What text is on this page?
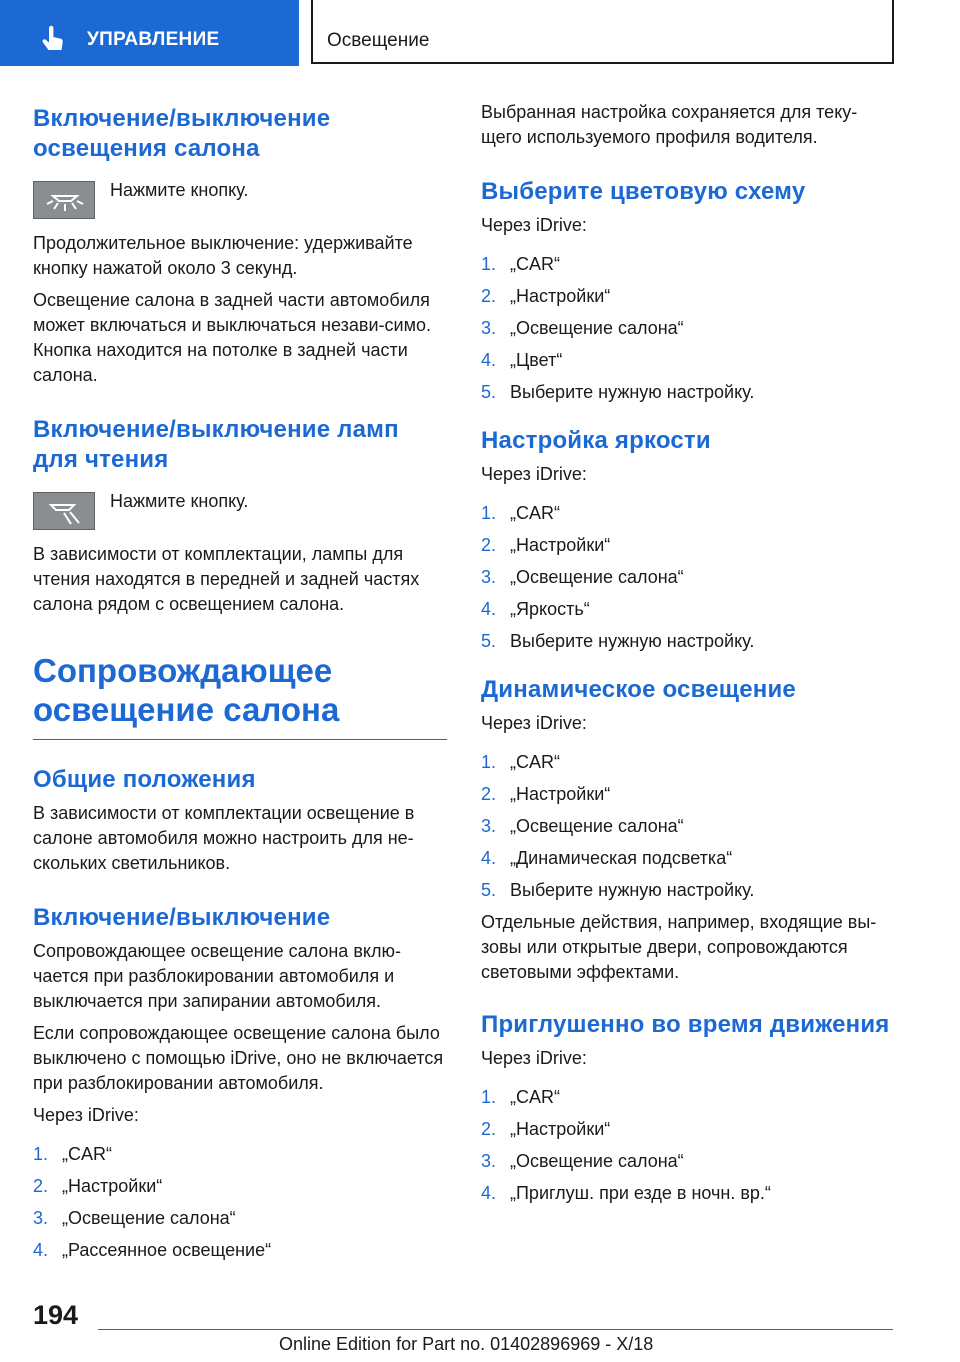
УПРАВЛЕНИЕ	Освещение
Включение/выключение освещения салона
Нажмите кнопку.

Продолжительное выключение: удерживайте кнопку нажатой около 3 секунд.

Освещение салона в задней части автомобиля может включаться и выключаться незави-симо. Кнопка находится на потолке в задней части салона.

Включение/выключение ламп для чтения
Нажмите кнопку.

В зависимости от комплектации, лампы для чтения находятся в передней и задней частях салона рядом с освещением салона.

Сопровождающее освещение салона
Общие положения

В зависимости от комплектации освещение в салоне автомобиля можно настроить для не-скольких светильников.

Включение/выключение

Сопровождающее освещение салона вклю-чается при разблокировании автомобиля и выключается при запирании автомобиля.

Если сопровождающее освещение салона было выключено с помощью iDrive, оно не включается при разблокировании автомобиля.

Через iDrive:

1. „CAR“
2. „Настройки“
3. „Освещение салона“
4. „Рассеянное освещение“

Выбранная настройка сохраняется для теку-щего используемого профиля водителя.

Выберите цветовую схему

Через iDrive:

1. „CAR“
2. „Настройки“
3. „Освещение салона“
4. „Цвет“
5. Выберите нужную настройку.
Настройка яркости

Через iDrive:

1. „CAR“
2. „Настройки“
3. „Освещение салона“
4. „Яркость“
5. Выберите нужную настройку.
Динамическое освещение

Через iDrive:

1. „CAR“
2. „Настройки“
3. „Освещение салона“
4. „Динамическая подсветка“
5. Выберите нужную настройку.

Отдельные действия, например, входящие вы-зовы или открытые двери, сопровождаются световыми эффектами.

Приглушенно во время движения

Через iDrive:

1. „CAR“
2. „Настройки“
3. „Освещение салона“
4. „Приглуш. при езде в ночн. вр.“
194
Online Edition for Part no. 01402896969 - X/18
